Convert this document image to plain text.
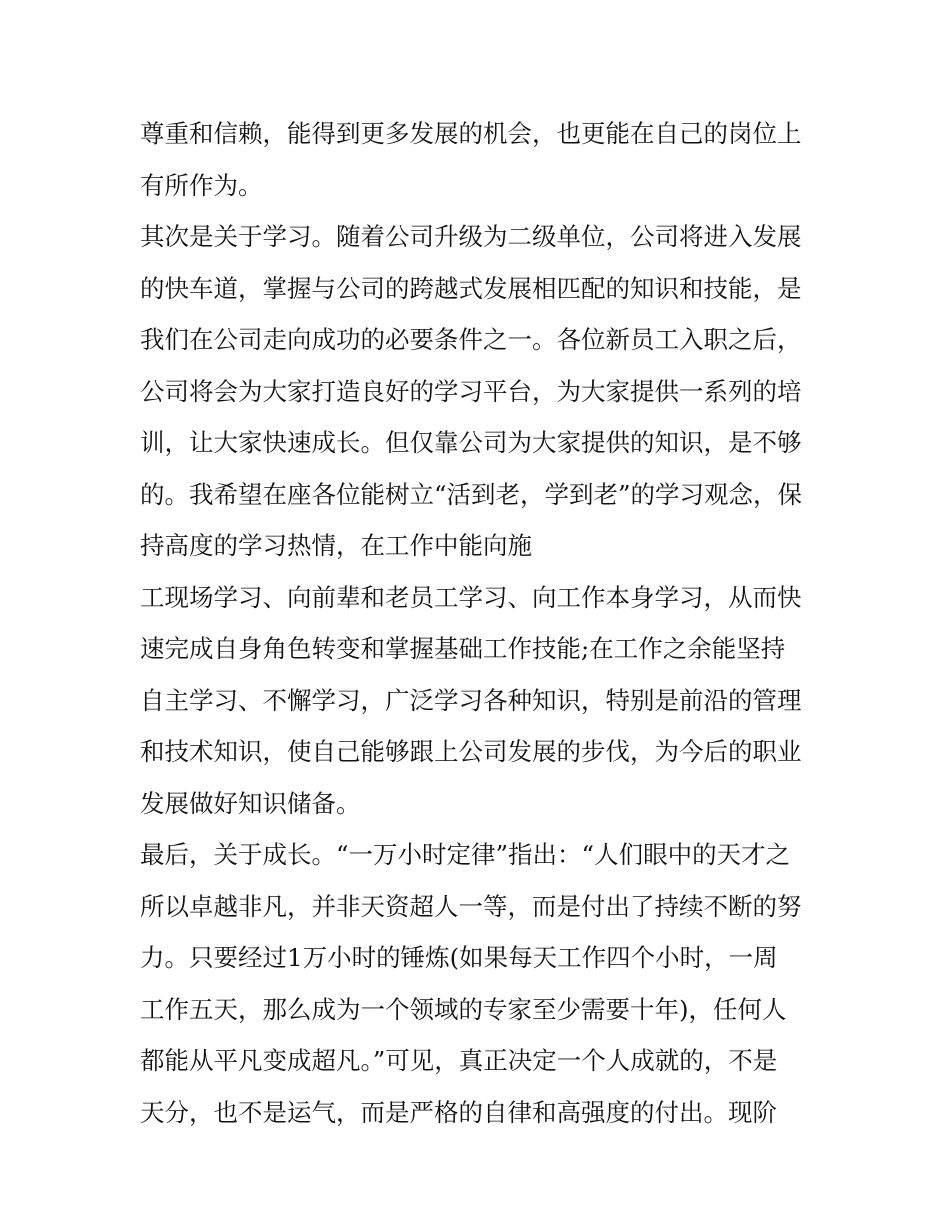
尊重和信赖，能得到更多发展的机会，也更能在自己的岗位上
有所作为。
其次是关于学习。随着公司升级为二级单位，公司将进入发展
的快车道，掌握与公司的跨越式发展相匹配的知识和技能，是
我们在公司走向成功的必要条件之一。各位新员工入职之后，
公司将会为大家打造良好的学习平台，为大家提供一系列的培
训，让大家快速成长。但仅靠公司为大家提供的知识，是不够
的。我希望在座各位能树立“活到老，学到老”的学习观念，保
持高度的学习热情，在工作中能向施
工现场学习、向前辈和老员工学习、向工作本身学习，从而快
速完成自身角色转变和掌握基础工作技能;在工作之余能坚持
自主学习、不懈学习，广泛学习各种知识，特别是前沿的管理
和技术知识，使自己能够跟上公司发展的步伐，为今后的职业
发展做好知识储备。
最后，关于成长。“一万小时定律”指出：“人们眼中的天才之
所以卓越非凡，并非天资超人一等，而是付出了持续不断的努
力。只要经过1万小时的锤炼(如果每天工作四个小时，一周
工作五天，那么成为一个领域的专家至少需要十年)，任何人
都能从平凡变成超凡。”可见，真正决定一个人成就的，不是
天分，也不是运气，而是严格的自律和高强度的付出。现阶
